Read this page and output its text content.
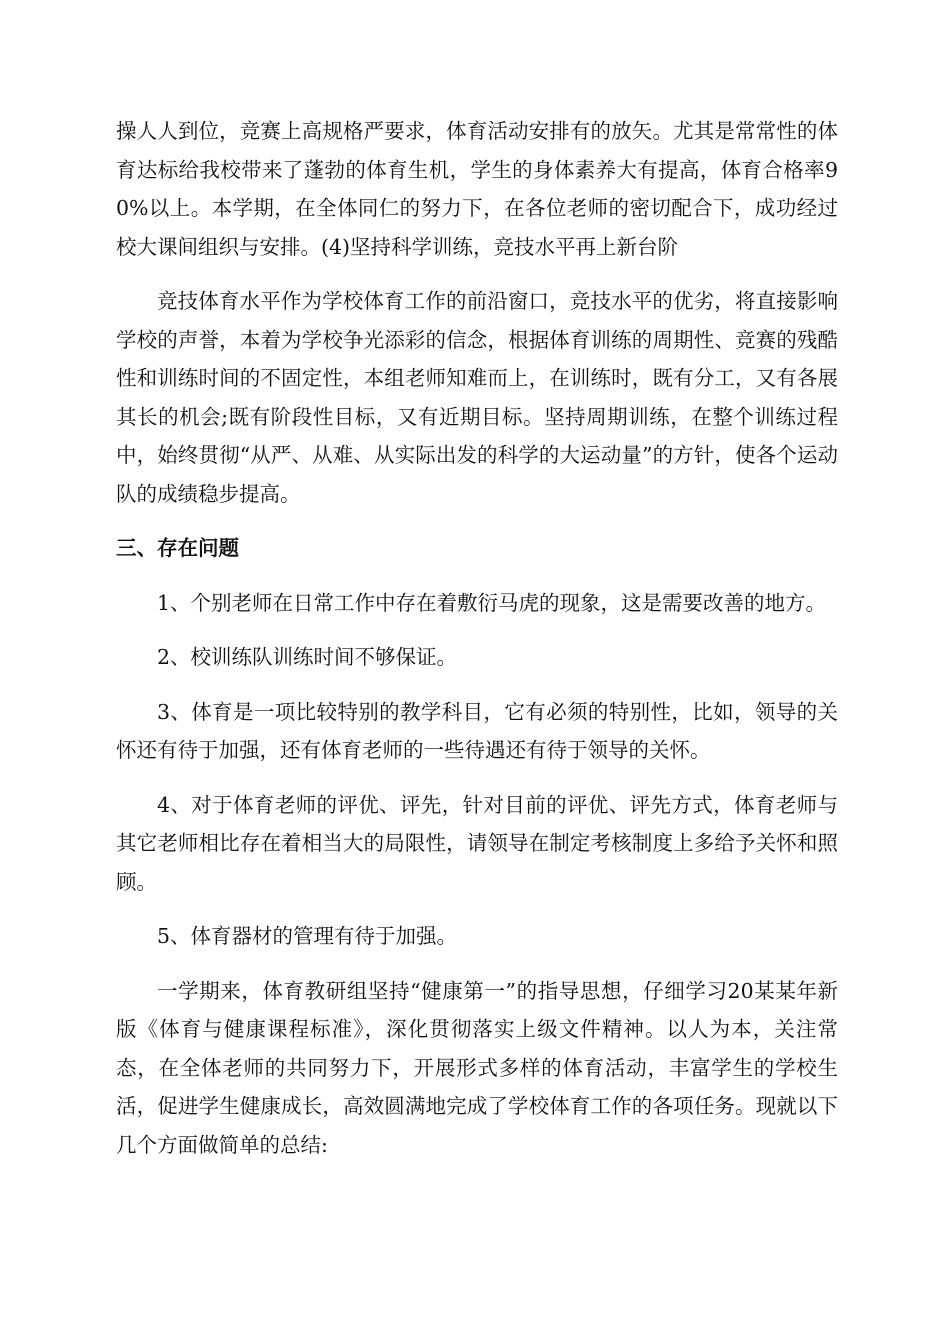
操人人到位，竞赛上高规格严要求，体育活动安排有的放矢。尤其是常常性的体育达标给我校带来了蓬勃的体育生机，学生的身体素养大有提高，体育合格率90%以上。本学期，在全体同仁的努力下，在各位老师的密切配合下，成功经过校大课间组织与安排。(4)坚持科学训练，竞技水平再上新台阶

竞技体育水平作为学校体育工作的前沿窗口，竞技水平的优劣，将直接影响学校的声誉，本着为学校争光添彩的信念，根据体育训练的周期性、竞赛的残酷性和训练时间的不固定性，本组老师知难而上，在训练时，既有分工，又有各展其长的机会;既有阶段性目标，又有近期目标。坚持周期训练，在整个训练过程中，始终贯彻“从严、从难、从实际出发的科学的大运动量”的方针，使各个运动队的成绩稳步提高。

三、存在问题

1、个别老师在日常工作中存在着敷衍马虎的现象，这是需要改善的地方。

2、校训练队训练时间不够保证。

3、体育是一项比较特别的教学科目，它有必须的特别性，比如，领导的关怀还有待于加强，还有体育老师的一些待遇还有待于领导的关怀。

4、对于体育老师的评优、评先，针对目前的评优、评先方式，体育老师与其它老师相比存在着相当大的局限性，请领导在制定考核制度上多给予关怀和照顾。

5、体育器材的管理有待于加强。

一学期来，体育教研组坚持“健康第一”的指导思想，仔细学习20某某年新版《体育与健康课程标准》，深化贯彻落实上级文件精神。以人为本，关注常态，在全体老师的共同努力下，开展形式多样的体育活动，丰富学生的学校生活，促进学生健康成长，高效圆满地完成了学校体育工作的各项任务。现就以下几个方面做简单的总结:
